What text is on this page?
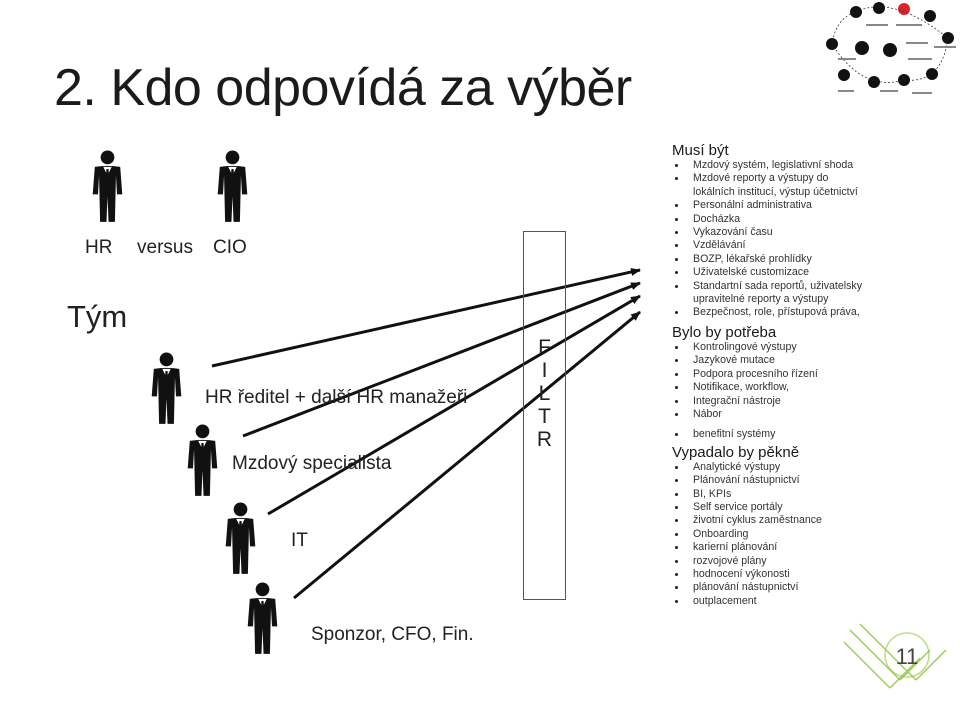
2. Kdo odpovídá za výběr
HR versus CIO
Tým
HR ředitel + další HR manažeři
Mzdový specialista
IT
Sponzor, CFO, Fin.
F
I
L
T
R
Musí být
Mzdový systém, legislativní shoda
Mzdové reporty a výstupy do
lokálních institucí, výstup účetnictví
Personální administrativa
Docházka
Vykazování času
Vzdělávání
BOZP, lékařské prohlídky
Uživatelské customizace
Standartní sada reportů, uživatelsky
upravitelné reporty a výstupy
Bezpečnost, role, přístupová práva,
Bylo by potřeba
Kontrolingové výstupy
Jazykové mutace
Podpora procesního řízení
Notifikace, workflow,
Integrační nástroje
Nábor
benefitní systémy
Vypadalo by pěkně
Analytické výstupy
Plánování nástupnictví
BI, KPIs
Self service portály
životní cyklus zaměstnance
Onboarding
karierní plánování
rozvojové plány
hodnocení výkonosti
plánování nástupnictví
outplacement
11
